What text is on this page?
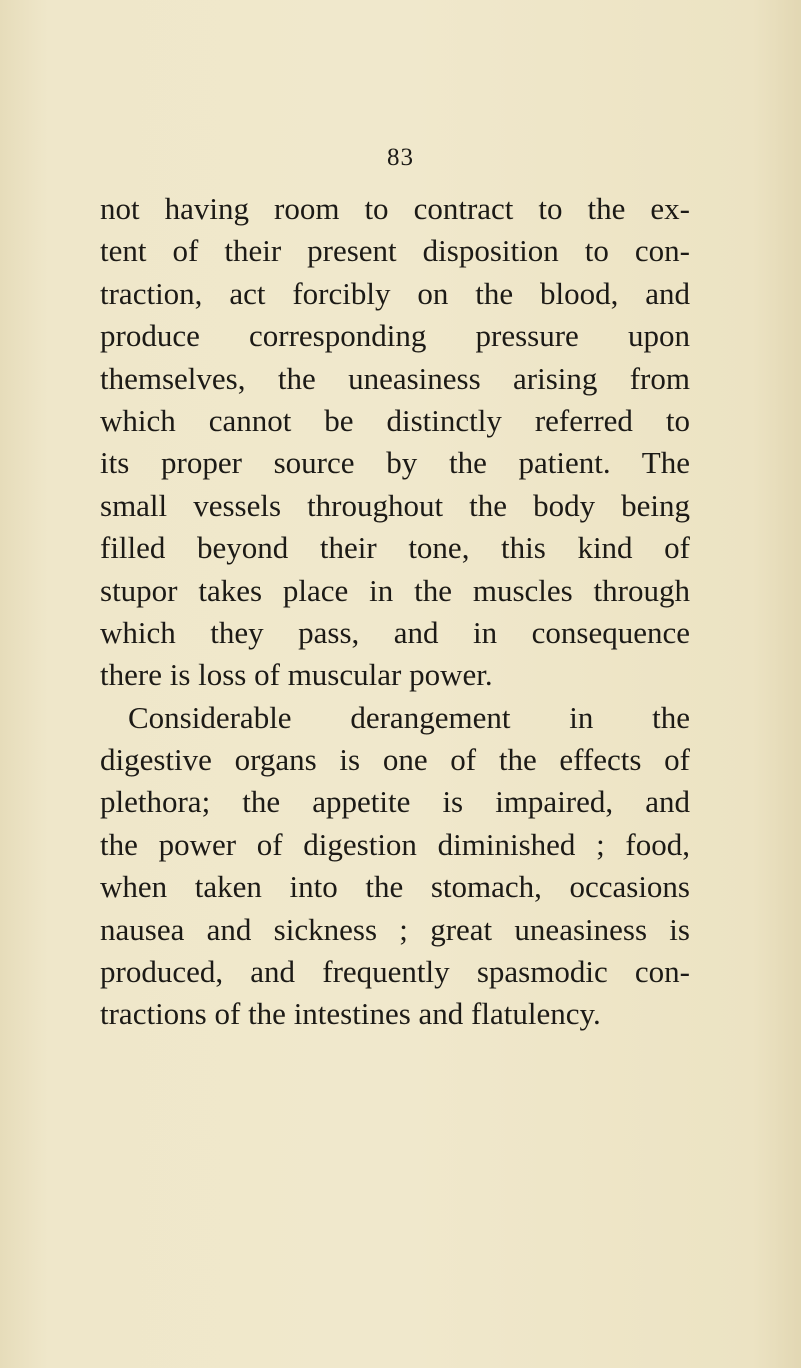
83
not having room to contract to the ex-
tent of their present disposition to con-
traction, act forcibly on the blood, and
produce corresponding pressure upon
themselves, the uneasiness arising from
which cannot be distinctly referred to
its proper source by the patient. The
small vessels throughout the body being
filled beyond their tone, this kind of
stupor takes place in the muscles through
which they pass, and in consequence
there is loss of muscular power.
Considerable derangement in the
digestive organs is one of the effects of
plethora; the appetite is impaired, and
the power of digestion diminished ; food,
when taken into the stomach, occasions
nausea and sickness ; great uneasiness is
produced, and frequently spasmodic con-
tractions of the intestines and flatulency.
